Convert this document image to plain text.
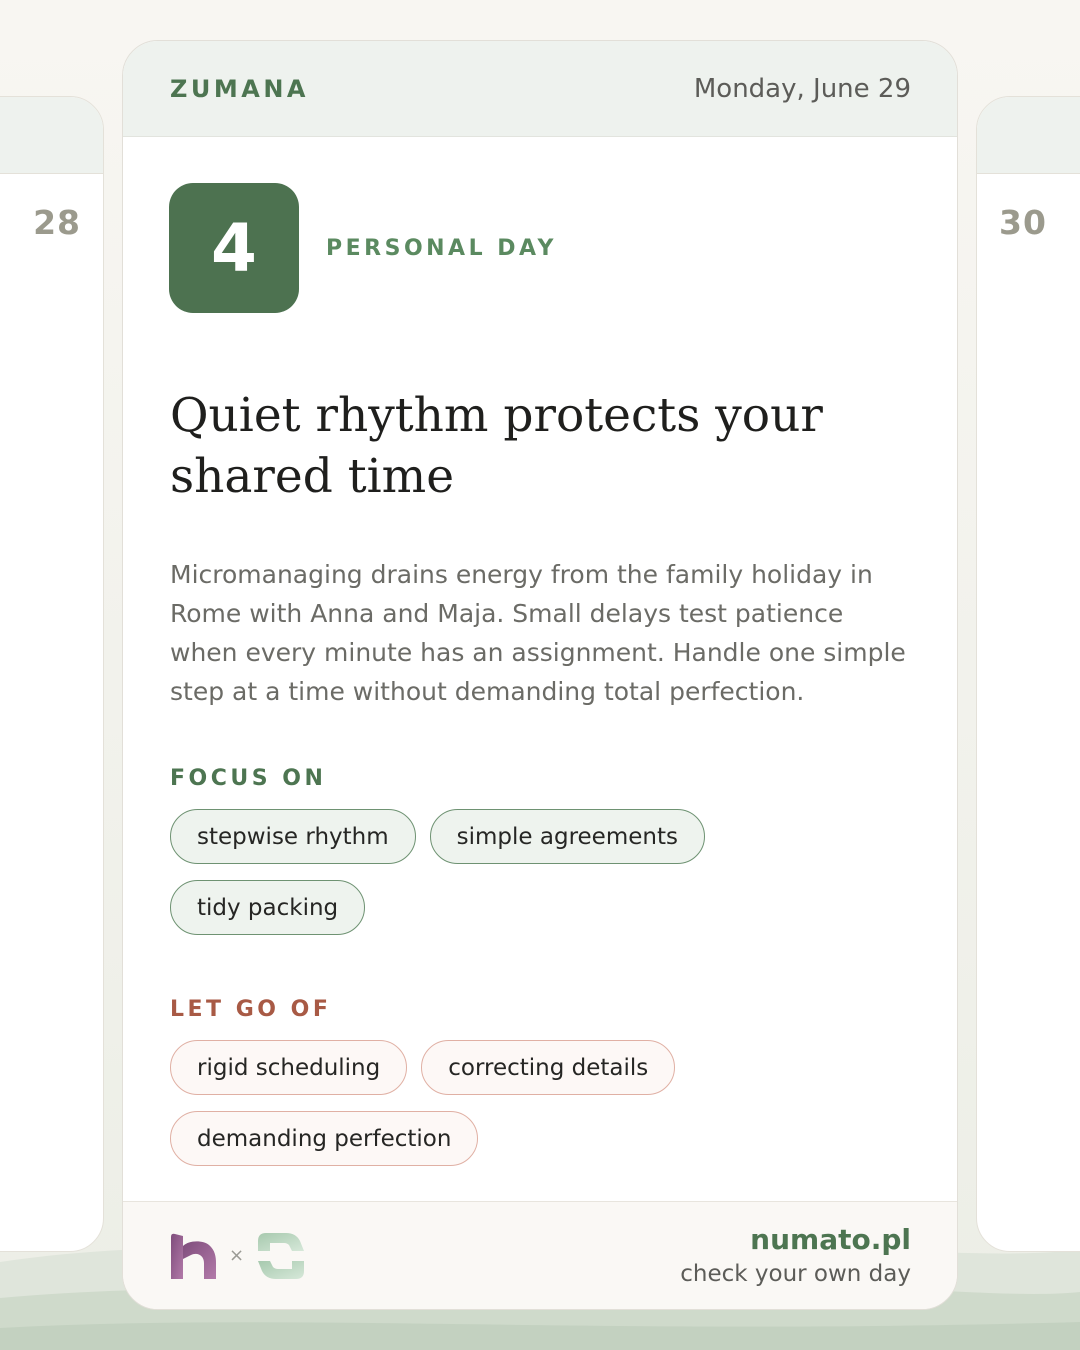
28	30
ZUMANA	Monday, June 29
4	PERSONAL DAY
Quiet rhythm protects your shared time
Micromanaging drains energy from the family holiday in Rome with Anna and Maja. Small delays test patience when every minute has an assignment. Handle one simple step at a time without demanding total perfection.
FOCUS ON
stepwise rhythm	simple agreements
tidy packing
LET GO OF
rigid scheduling	correcting details
demanding perfection
×	numato.pl
check your own day
